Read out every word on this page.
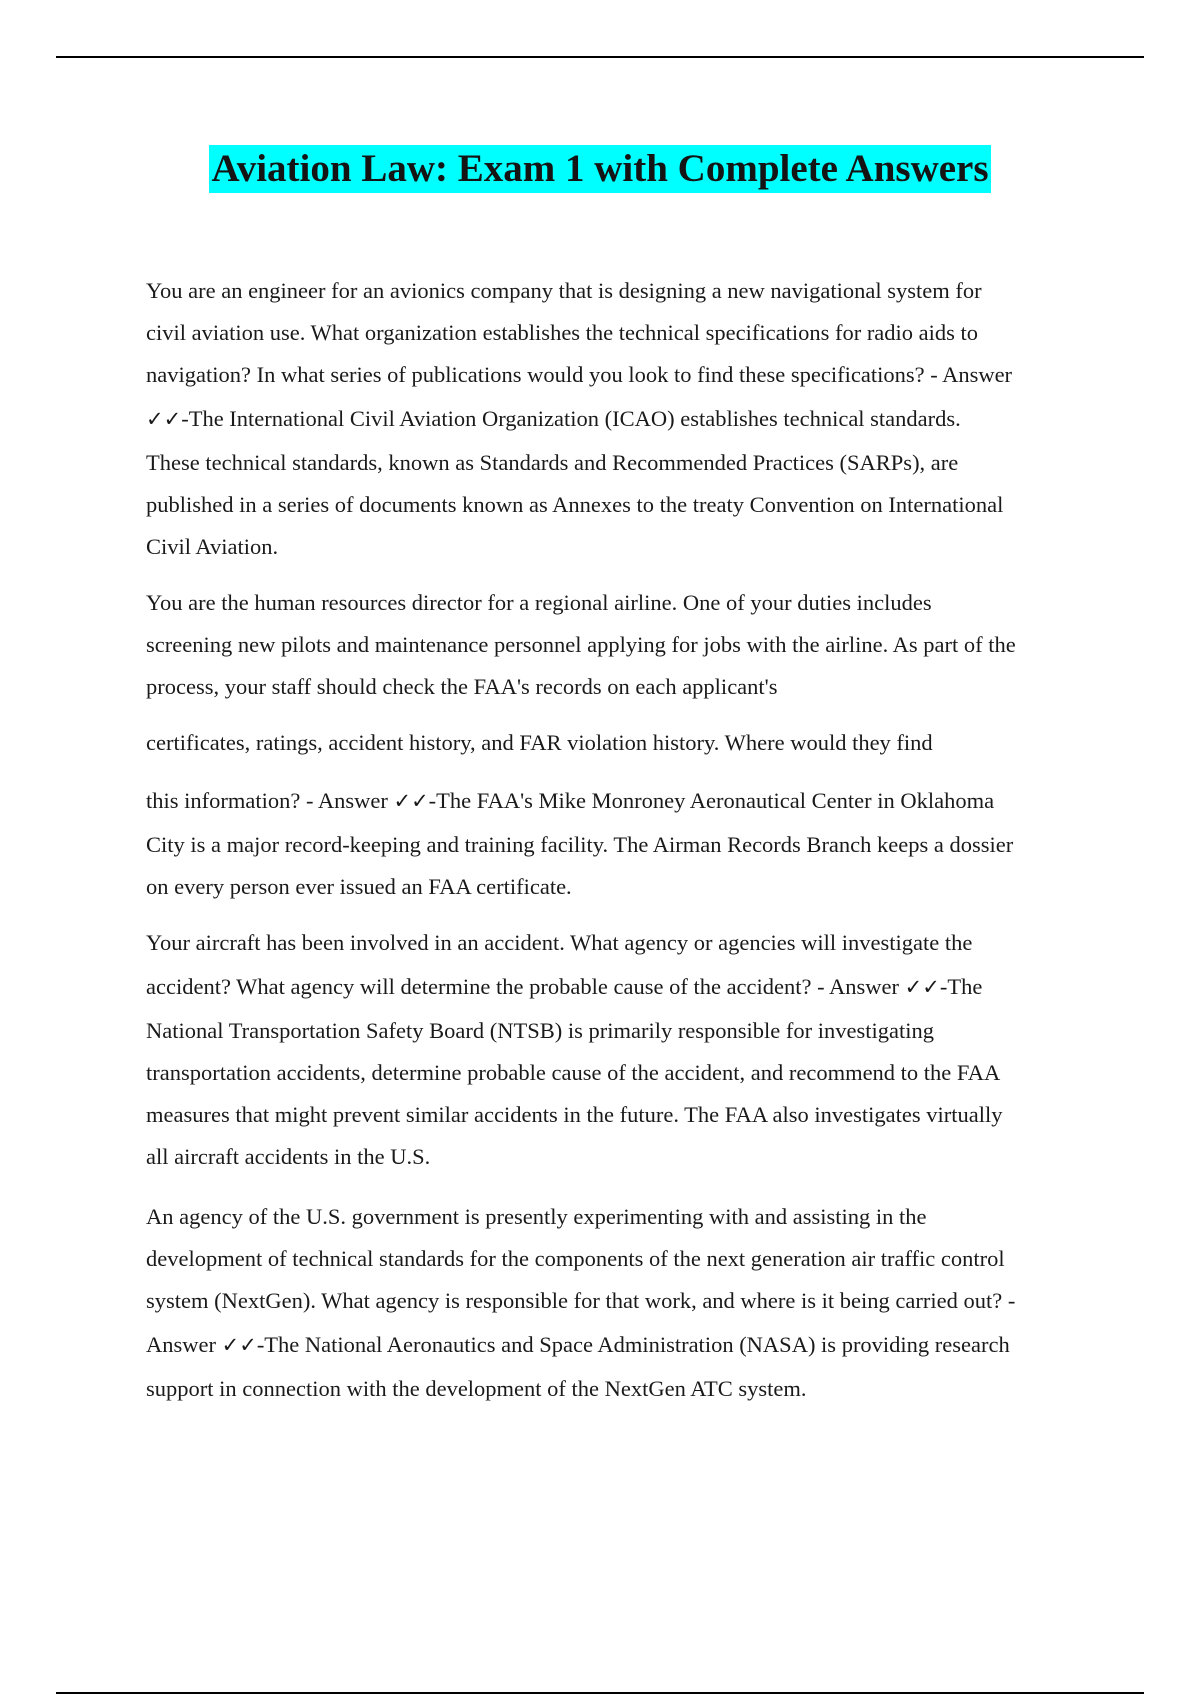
Aviation Law: Exam 1 with Complete Answers
You are an engineer for an avionics company that is designing a new navigational system for
civil aviation use. What organization establishes the technical specifications for radio aids to
navigation? In what series of publications would you look to find these specifications? - Answer
✓✓-The International Civil Aviation Organization (ICAO) establishes technical standards.
These technical standards, known as Standards and Recommended Practices (SARPs), are
published in a series of documents known as Annexes to the treaty Convention on International
Civil Aviation.
You are the human resources director for a regional airline. One of your duties includes
screening new pilots and maintenance personnel applying for jobs with the airline. As part of the
process, your staff should check the FAA's records on each applicant's
certificates, ratings, accident history, and FAR violation history. Where would they find
this information? - Answer ✓✓-The FAA's Mike Monroney Aeronautical Center in Oklahoma
City is a major record-keeping and training facility. The Airman Records Branch keeps a dossier
on every person ever issued an FAA certificate.
Your aircraft has been involved in an accident. What agency or agencies will investigate the
accident? What agency will determine the probable cause of the accident? - Answer ✓✓-The
National Transportation Safety Board (NTSB) is primarily responsible for investigating
transportation accidents, determine probable cause of the accident, and recommend to the FAA
measures that might prevent similar accidents in the future. The FAA also investigates virtually
all aircraft accidents in the U.S.
An agency of the U.S. government is presently experimenting with and assisting in the
development of technical standards for the components of the next generation air traffic control
system (NextGen). What agency is responsible for that work, and where is it being carried out? -
Answer ✓✓-The National Aeronautics and Space Administration (NASA) is providing research
support in connection with the development of the NextGen ATC system.
